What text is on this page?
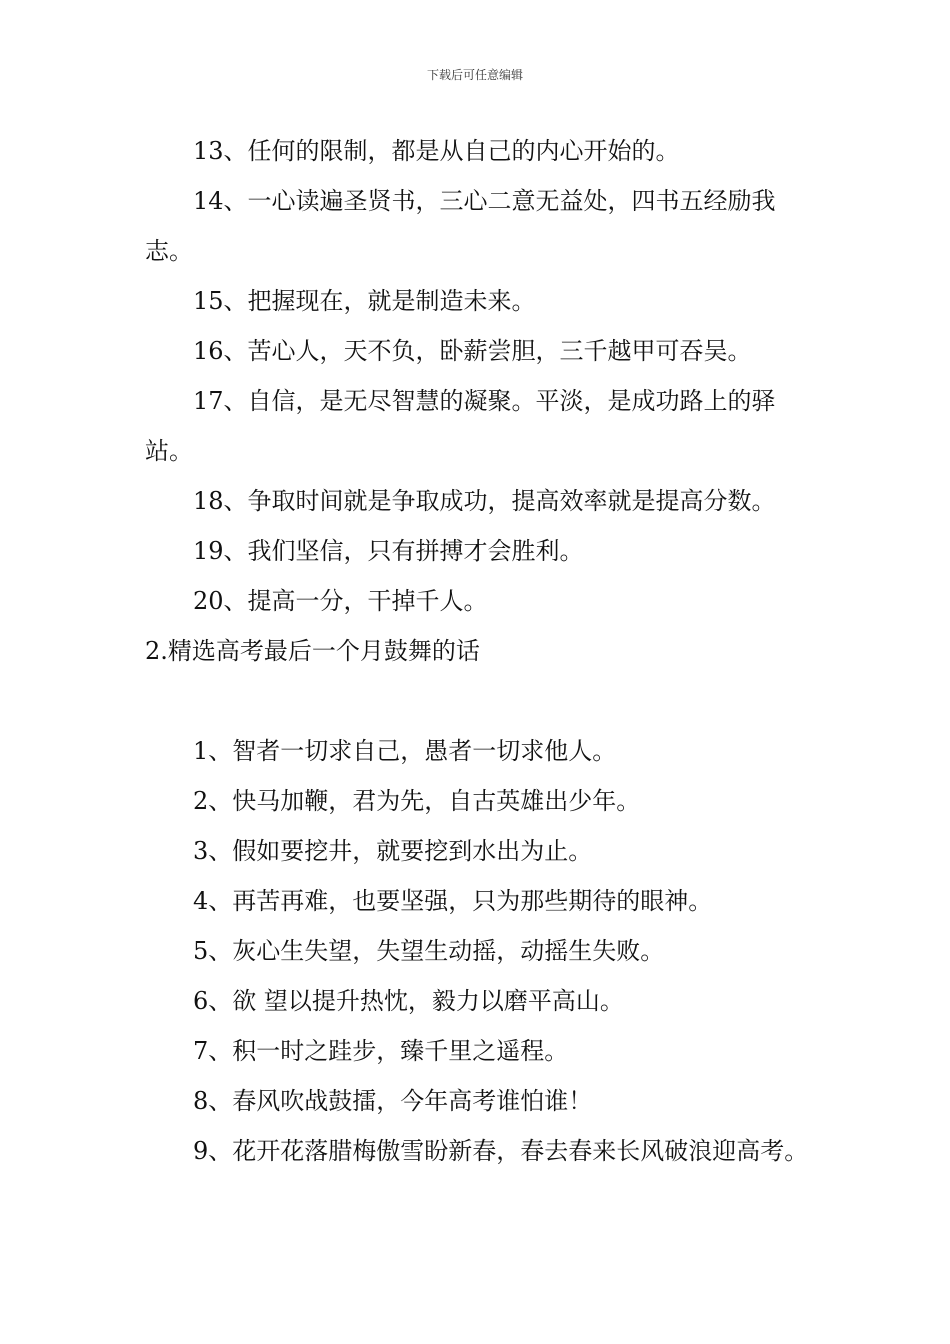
下载后可任意编辑

13、任何的限制，都是从自己的内心开始的。

14、一心读遍圣贤书，三心二意无益处，四书五经励我志。

15、把握现在，就是制造未来。

16、苦心人，天不负，卧薪尝胆，三千越甲可吞吴。

17、自信，是无尽智慧的凝聚。平淡，是成功路上的驿站。

18、争取时间就是争取成功，提高效率就是提高分数。

19、我们坚信，只有拼搏才会胜利。

20、提高一分，干掉千人。

2.精选高考最后一个月鼓舞的话

1、智者一切求自己，愚者一切求他人。

2、快马加鞭，君为先，自古英雄出少年。

3、假如要挖井，就要挖到水出为止。

4、再苦再难，也要坚强，只为那些期待的眼神。

5、灰心生失望，失望生动摇，动摇生失败。

6、欲 望以提升热忱，毅力以磨平高山。

7、积一时之跬步，臻千里之遥程。

8、春风吹战鼓擂，今年高考谁怕谁！

9、花开花落腊梅傲雪盼新春，春去春来长风破浪迎高考。
